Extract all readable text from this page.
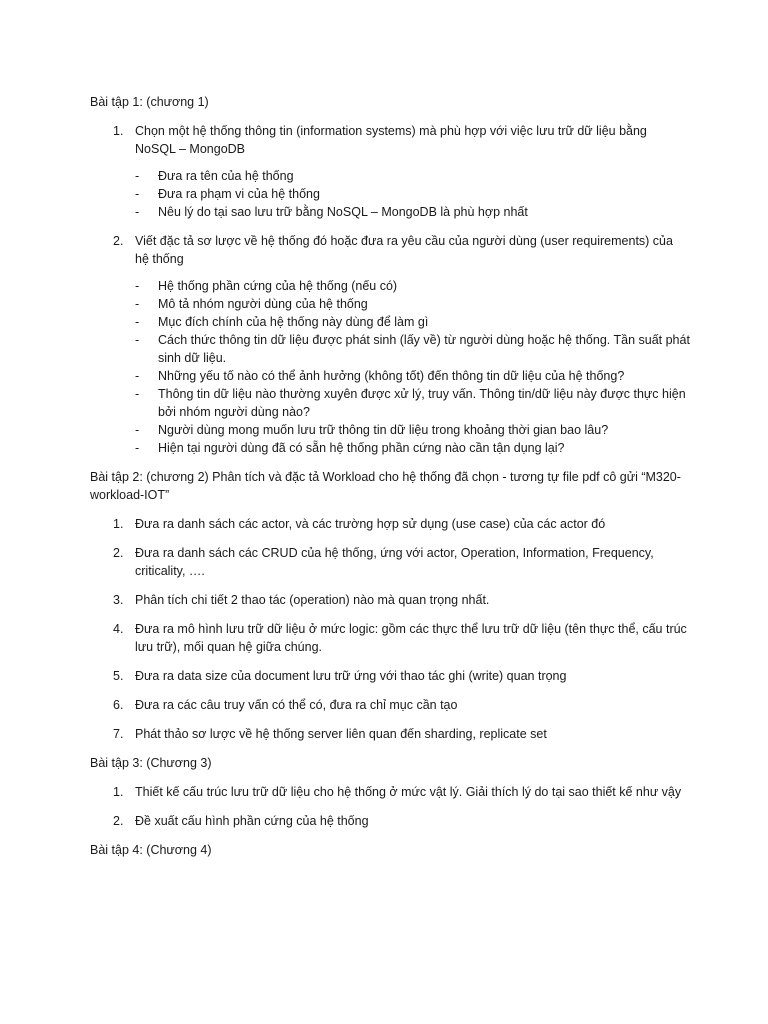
Bài tập 1: (chương 1)

1. Chọn một hệ thống thông tin (information systems) mà phù hợp với việc lưu trữ dữ liệu bằng NoSQL – MongoDB
- Đưa ra tên của hệ thống
- Đưa ra phạm vi của hệ thống
- Nêu lý do tại sao lưu trữ bằng NoSQL – MongoDB là phù hợp nhất
2. Viết đặc tả sơ lược về hệ thống đó hoặc đưa ra yêu cầu của người dùng (user requirements) của hệ thống
- Hệ thống phần cứng của hệ thống (nếu có)
- Mô tả nhóm người dùng của hệ thống
- Mục đích chính của hệ thống này dùng để làm gì
- Cách thức thông tin dữ liệu được phát sinh (lấy về) từ người dùng hoặc hệ thống. Tần suất phát sinh dữ liệu.
- Những yếu tố nào có thể ảnh hưởng (không tốt) đến thông tin dữ liệu của hệ thống?
- Thông tin dữ liệu nào thường xuyên được xử lý, truy vấn. Thông tin/dữ liệu này được thực hiện bởi nhóm người dùng nào?
- Người dùng mong muốn lưu trữ thông tin dữ liệu trong khoảng thời gian bao lâu?
- Hiện tại người dùng đã có sẵn hệ thống phần cứng nào cần tận dụng lại?

Bài tập 2: (chương 2) Phân tích và đặc tả Workload cho hệ thống đã chọn - tương tự file pdf cô gửi “M320-workload-IOT”

1. Đưa ra danh sách các actor, và các trường hợp sử dụng (use case) của các actor đó
2. Đưa ra danh sách các CRUD của hệ thống, ứng với actor, Operation, Information, Frequency, criticality, ….
3. Phân tích chi tiết 2 thao tác (operation) nào mà quan trọng nhất.
4. Đưa ra mô hình lưu trữ dữ liệu ở mức logic: gồm các thực thể lưu trữ dữ liệu (tên thực thể, cấu trúc lưu trữ), mối quan hệ giữa chúng.
5. Đưa ra data size của document lưu trữ ứng với thao tác ghi (write) quan trọng
6. Đưa ra các câu truy vấn có thể có, đưa ra chỉ mục cần tạo
7. Phát thảo sơ lược về hệ thống server liên quan đến sharding, replicate set

Bài tập 3: (Chương 3)

1. Thiết kế cấu trúc lưu trữ dữ liệu cho hệ thống ở mức vật lý. Giải thích lý do tại sao thiết kế như vậy
2. Đề xuất cấu hình phần cứng của hệ thống

Bài tập 4: (Chương 4)
